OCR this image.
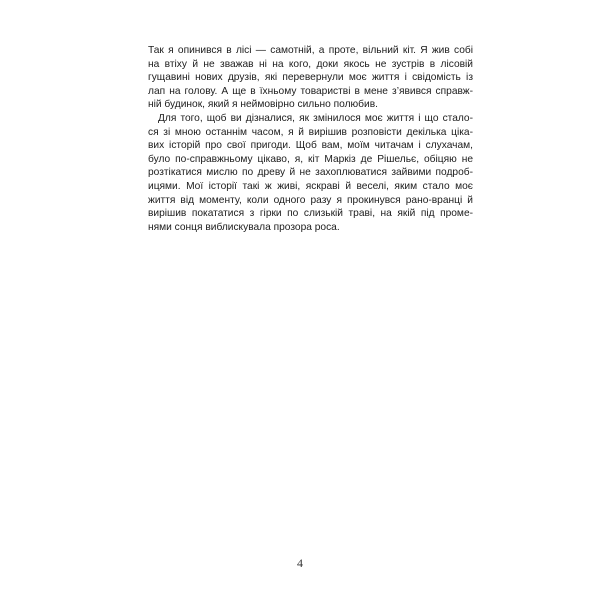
Так я опинився в лісі — самотній, а проте, вільний кіт. Я жив собі
на втіху й не зважав ні на кого, доки якось не зустрів в лісовій
гущавині нових друзів, які перевернули моє життя і свідомість із
лап на голову. А ще в їхньому товаристві в мене з’явився справж-
ній будинок, який я неймовірно сильно полюбив.

Для того, щоб ви дізналися, як змінилося моє життя і що стало-
ся зі мною останнім часом, я й вирішив розповісти декілька ціка-
вих історій про свої пригоди. Щоб вам, моїм читачам і слухачам,
було по-справжньому цікаво, я, кіт Маркіз де Рішельє, обіцяю не
розтікатися мислю по древу й не захоплюватися зайвими подроб-
ицями. Мої історії такі ж живі, яскраві й веселі, яким стало моє
життя від моменту, коли одного разу я прокинувся рано-вранці й
вирішив покататися з гірки по слизькій траві, на якій під проме-
нями сонця виблискувала прозора роса.

4
